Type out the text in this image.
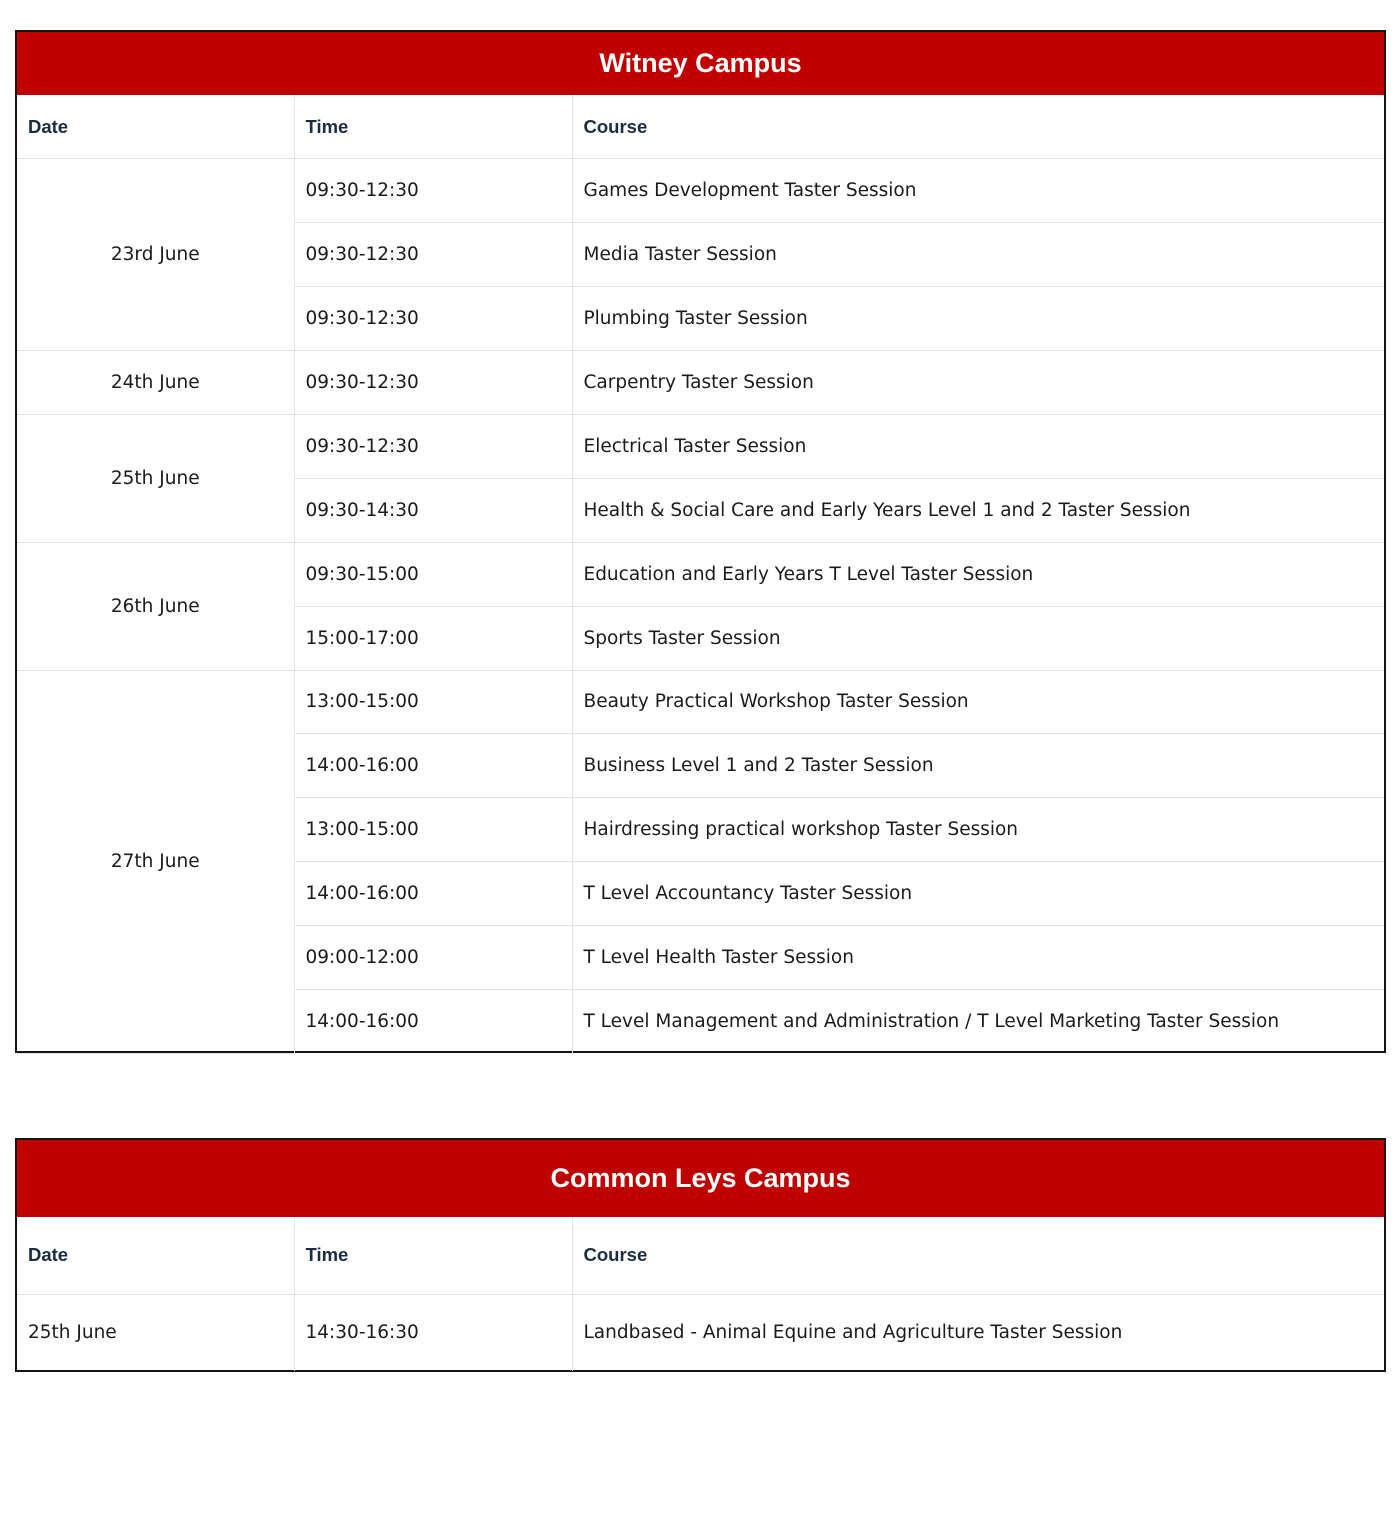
Witney Campus
Date	Time	Course
23rd June	09:30-12:30	Games Development Taster Session
	09:30-12:30	Media Taster Session
	09:30-12:30	Plumbing Taster Session
24th June	09:30-12:30	Carpentry Taster Session
25th June	09:30-12:30	Electrical Taster Session
	09:30-14:30	Health & Social Care and Early Years Level 1 and 2 Taster Session
26th June	09:30-15:00	Education and Early Years T Level Taster Session
	15:00-17:00	Sports Taster Session
27th June	13:00-15:00	Beauty Practical Workshop Taster Session
	14:00-16:00	Business Level 1 and 2 Taster Session
	13:00-15:00	Hairdressing practical workshop Taster Session
	14:00-16:00	T Level Accountancy Taster Session
	09:00-12:00	T Level Health Taster Session
	14:00-16:00	T Level Management and Administration / T Level Marketing Taster Session
Common Leys Campus
Date	Time	Course
25th June	14:30-16:30	Landbased - Animal Equine and Agriculture Taster Session
